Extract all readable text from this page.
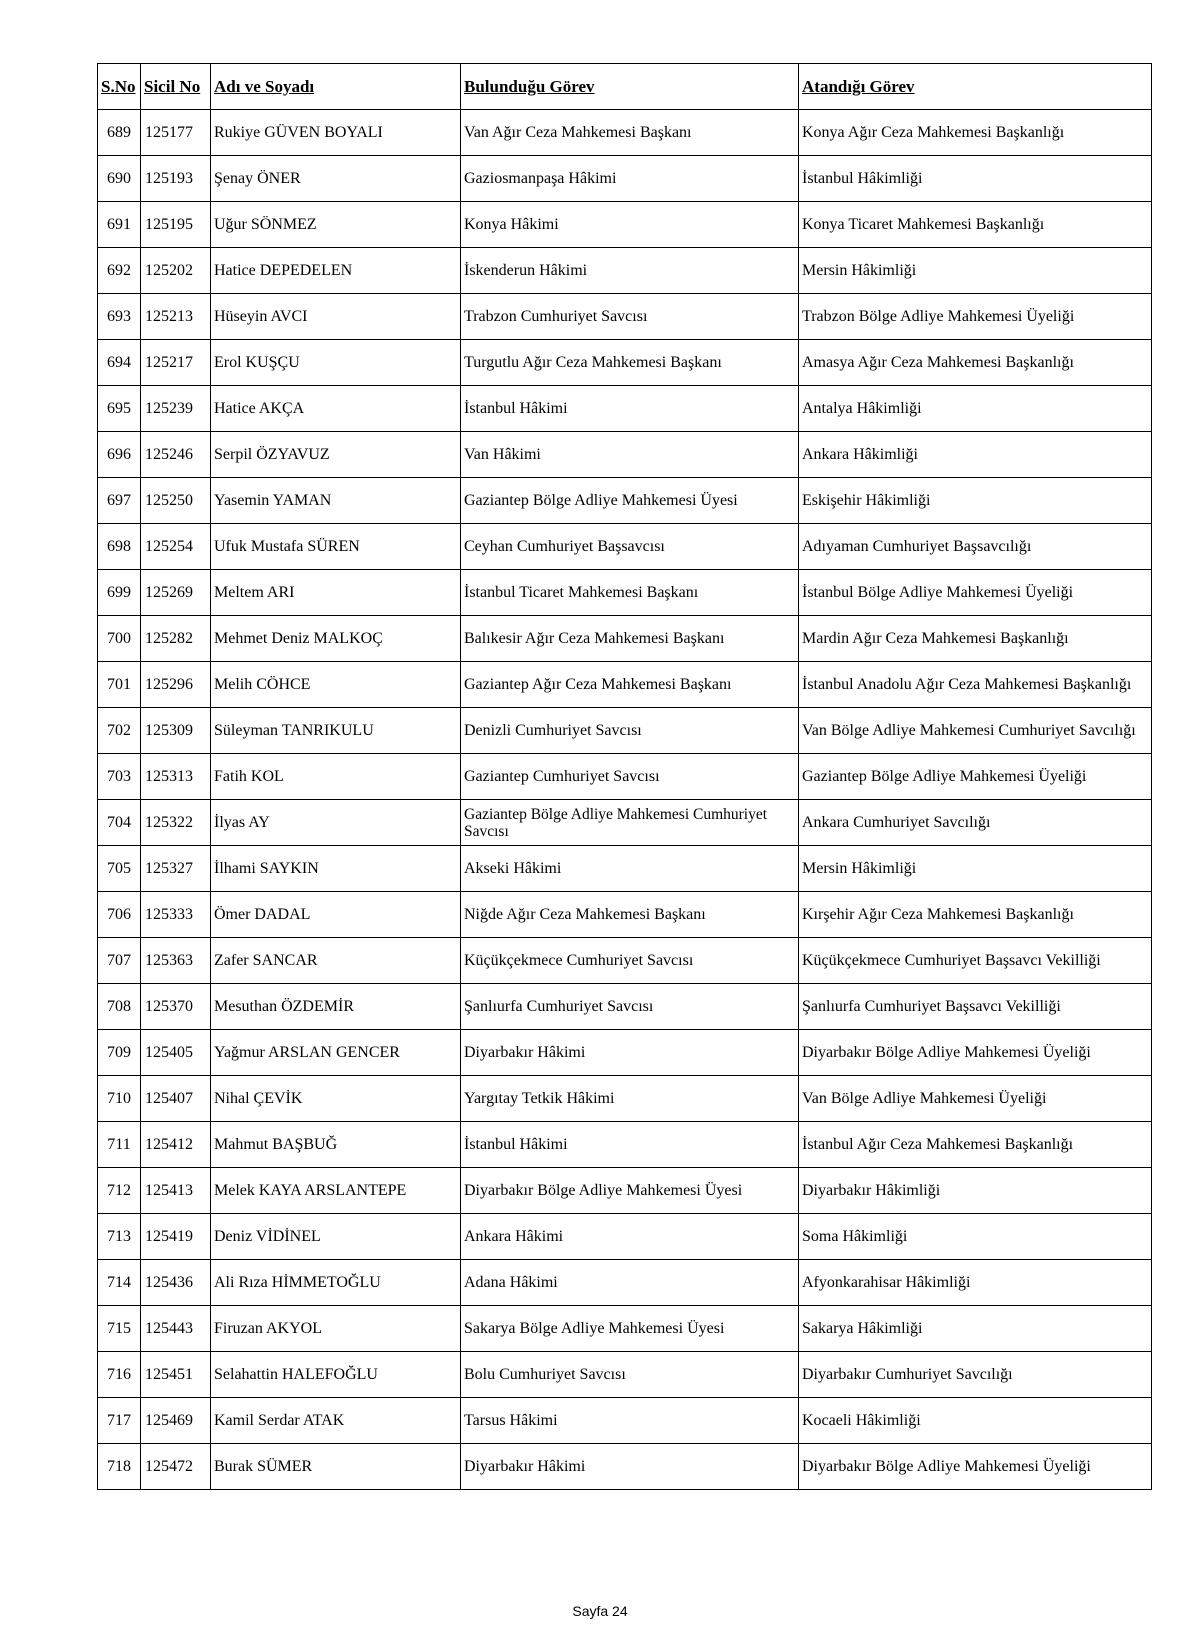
S.No	Sicil No	Adı ve Soyadı	Bulunduğu Görev	Atandığı Görev
689	125177	Rukiye GÜVEN BOYALI	Van Ağır Ceza Mahkemesi Başkanı	Konya Ağır Ceza Mahkemesi Başkanlığı
690	125193	Şenay ÖNER	Gaziosmanpaşa Hâkimi	İstanbul Hâkimliği
691	125195	Uğur SÖNMEZ	Konya Hâkimi	Konya Ticaret Mahkemesi Başkanlığı
692	125202	Hatice DEPEDELEN	İskenderun Hâkimi	Mersin Hâkimliği
693	125213	Hüseyin AVCI	Trabzon Cumhuriyet Savcısı	Trabzon Bölge Adliye Mahkemesi Üyeliği
694	125217	Erol KUŞÇU	Turgutlu Ağır Ceza Mahkemesi Başkanı	Amasya Ağır Ceza Mahkemesi Başkanlığı
695	125239	Hatice AKÇA	İstanbul Hâkimi	Antalya Hâkimliği
696	125246	Serpil ÖZYAVUZ	Van Hâkimi	Ankara Hâkimliği
697	125250	Yasemin YAMAN	Gaziantep Bölge Adliye Mahkemesi Üyesi	Eskişehir Hâkimliği
698	125254	Ufuk Mustafa SÜREN	Ceyhan Cumhuriyet Başsavcısı	Adıyaman Cumhuriyet Başsavcılığı
699	125269	Meltem ARI	İstanbul Ticaret Mahkemesi Başkanı	İstanbul Bölge Adliye Mahkemesi Üyeliği
700	125282	Mehmet Deniz MALKOÇ	Balıkesir Ağır Ceza Mahkemesi Başkanı	Mardin Ağır Ceza Mahkemesi Başkanlığı
701	125296	Melih CÖHCE	Gaziantep Ağır Ceza Mahkemesi Başkanı	İstanbul Anadolu Ağır Ceza Mahkemesi Başkanlığı
702	125309	Süleyman TANRIKULU	Denizli Cumhuriyet Savcısı	Van Bölge Adliye Mahkemesi Cumhuriyet Savcılığı
703	125313	Fatih KOL	Gaziantep Cumhuriyet Savcısı	Gaziantep Bölge Adliye Mahkemesi Üyeliği
704	125322	İlyas AY	Gaziantep Bölge Adliye Mahkemesi Cumhuriyet Savcısı	Ankara Cumhuriyet Savcılığı
705	125327	İlhami SAYKIN	Akseki Hâkimi	Mersin Hâkimliği
706	125333	Ömer DADAL	Niğde Ağır Ceza Mahkemesi Başkanı	Kırşehir Ağır Ceza Mahkemesi Başkanlığı
707	125363	Zafer SANCAR	Küçükçekmece Cumhuriyet Savcısı	Küçükçekmece Cumhuriyet Başsavcı Vekilliği
708	125370	Mesuthan ÖZDEMİR	Şanlıurfa Cumhuriyet Savcısı	Şanlıurfa Cumhuriyet Başsavcı Vekilliği
709	125405	Yağmur ARSLAN GENCER	Diyarbakır Hâkimi	Diyarbakır Bölge Adliye Mahkemesi Üyeliği
710	125407	Nihal ÇEVİK	Yargıtay Tetkik Hâkimi	Van Bölge Adliye Mahkemesi Üyeliği
711	125412	Mahmut BAŞBUĞ	İstanbul Hâkimi	İstanbul Ağır Ceza Mahkemesi Başkanlığı
712	125413	Melek KAYA ARSLANTEPE	Diyarbakır Bölge Adliye Mahkemesi Üyesi	Diyarbakır Hâkimliği
713	125419	Deniz VİDİNEL	Ankara Hâkimi	Soma Hâkimliği
714	125436	Ali Rıza HİMMETOĞLU	Adana Hâkimi	Afyonkarahisar Hâkimliği
715	125443	Firuzan AKYOL	Sakarya Bölge Adliye Mahkemesi Üyesi	Sakarya Hâkimliği
716	125451	Selahattin HALEFOĞLU	Bolu Cumhuriyet Savcısı	Diyarbakır Cumhuriyet Savcılığı
717	125469	Kamil Serdar ATAK	Tarsus Hâkimi	Kocaeli Hâkimliği
718	125472	Burak SÜMER	Diyarbakır Hâkimi	Diyarbakır Bölge Adliye Mahkemesi Üyeliği
Sayfa 24
